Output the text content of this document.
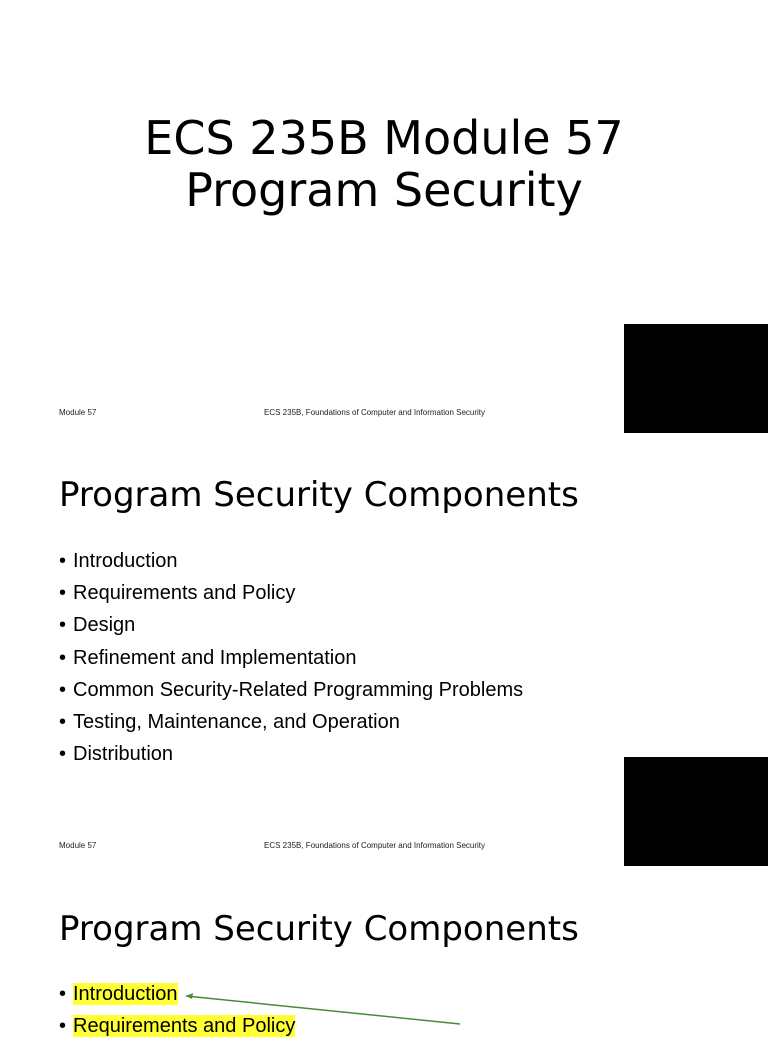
ECS 235B Module 57
Program Security
Module 57	ECS 235B, Foundations of Computer and Information Security
Program Security Components
• Introduction
• Requirements and Policy
• Design
• Refinement and Implementation
• Common Security-Related Programming Problems
• Testing, Maintenance, and Operation
• Distribution
Module 57	ECS 235B, Foundations of Computer and Information Security
Program Security Components
• Introduction
• Requirements and Policy
